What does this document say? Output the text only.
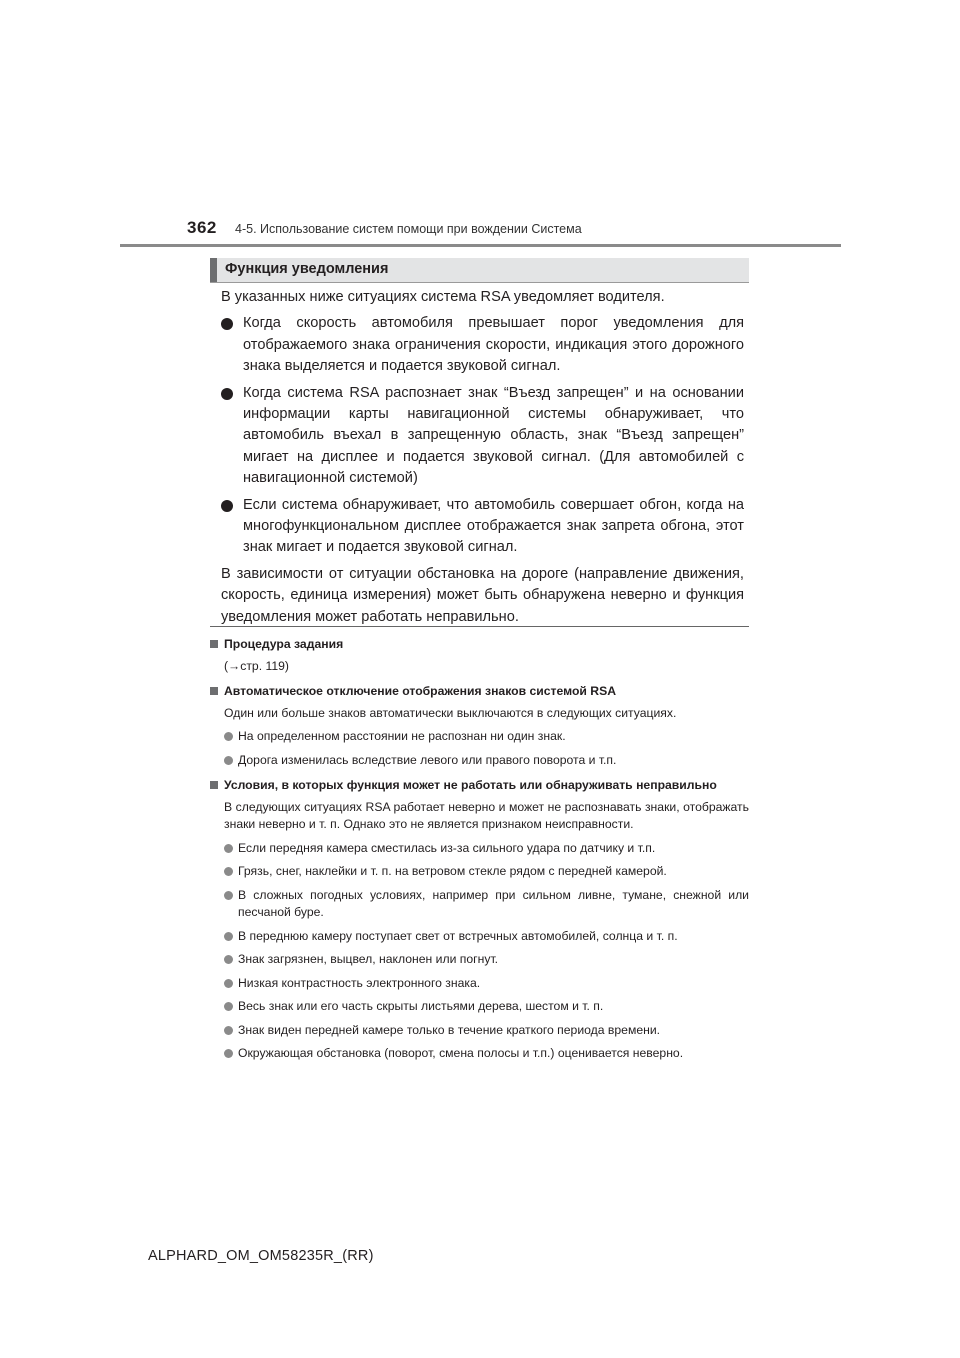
362 4-5. Использование систем помощи при вождении Система
Функция уведомления

В указанных ниже ситуациях система RSA уведомляет водителя.

Когда скорость автомобиля превышает порог уведомления для отображаемого знака ограничения скорости, индикация этого дорожного знака выделяется и подается звуковой сигнал.
Когда система RSA распознает знак “Въезд запрещен” и на основании информации карты навигационной системы обнаруживает, что автомобиль въехал в запрещенную область, знак “Въезд запрещен” мигает на дисплее и подается звуковой сигнал. (Для автомобилей с навигационной системой)
Если система обнаруживает, что автомобиль совершает обгон, когда на многофункциональном дисплее отображается знак запрета обгона, этот знак мигает и подается звуковой сигнал.

В зависимости от ситуации обстановка на дороге (направление движения, скорость, единица измерения) может быть обнаружена неверно и функция уведомления может работать неправильно.

Процедура задания
(→стр. 119)
Автоматическое отключение отображения знаков системой RSA
Один или больше знаков автоматически выключаются в следующих ситуациях.
На определенном расстоянии не распознан ни один знак.
Дорога изменилась вследствие левого или правого поворота и т.п.
Условия, в которых функция может не работать или обнаруживать неправильно
В следующих ситуациях RSA работает неверно и может не распознавать знаки, отображать знаки неверно и т. п. Однако это не является признаком неисправности.
Если передняя камера сместилась из-за сильного удара по датчику и т.п.
Грязь, снег, наклейки и т. п. на ветровом стекле рядом с передней камерой.
В сложных погодных условиях, например при сильном ливне, тумане, снежной или песчаной буре.
В переднюю камеру поступает свет от встречных автомобилей, солнца и т. п.
Знак загрязнен, выцвел, наклонен или погнут.
Низкая контрастность электронного знака.
Весь знак или его часть скрыты листьями дерева, шестом и т. п.
Знак виден передней камере только в течение краткого периода времени.
Окружающая обстановка (поворот, смена полосы и т.п.) оценивается неверно.
ALPHARD_OM_OM58235R_(RR)
